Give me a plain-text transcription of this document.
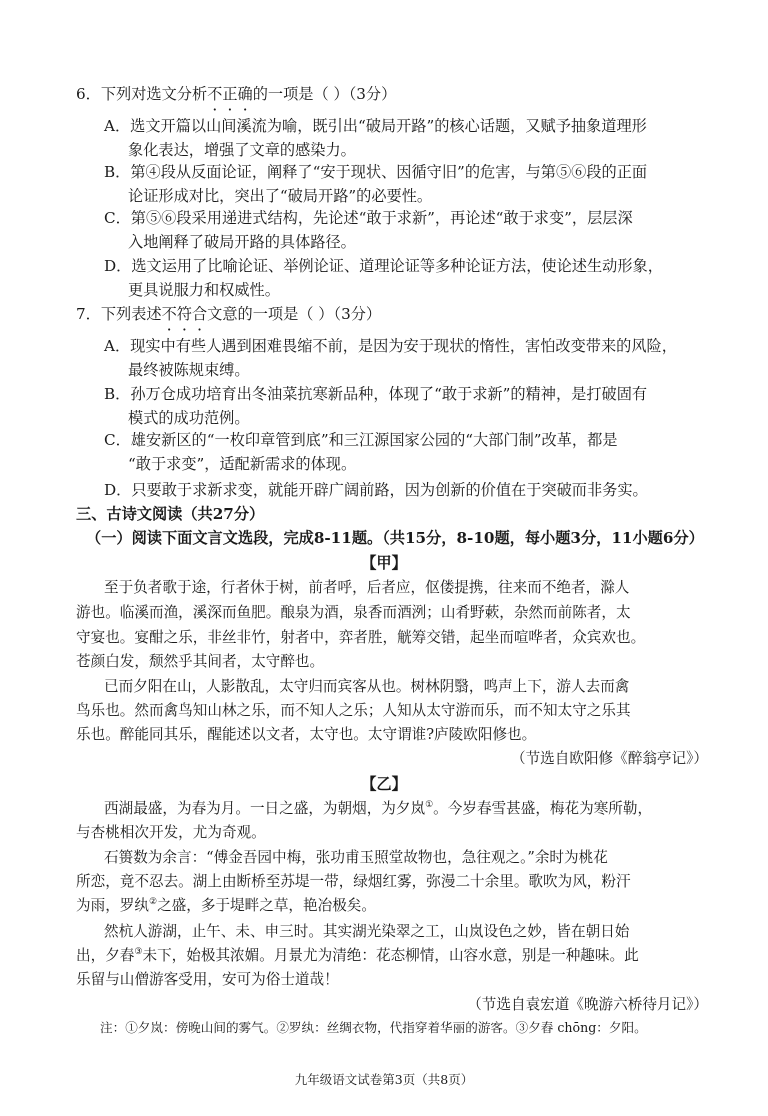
6．下列对选文分析不正确的一项是（ ）（3分）
A．选文开篇以山间溪流为喻，既引出“破局开路”的核心话题，又赋予抽象道理形
象化表达，增强了文章的感染力。
B．第④段从反面论证，阐释了“安于现状、因循守旧”的危害，与第⑤⑥段的正面
论证形成对比，突出了“破局开路”的必要性。
C．第⑤⑥段采用递进式结构，先论述“敢于求新”，再论述“敢于求变”，层层深
入地阐释了破局开路的具体路径。
D．选文运用了比喻论证、举例论证、道理论证等多种论证方法，使论述生动形象，
更具说服力和权威性。
7．下列表述不符合文意的一项是（ ）（3分）
A．现实中有些人遇到困难畏缩不前，是因为安于现状的惰性，害怕改变带来的风险，
最终被陈规束缚。
B．孙万仓成功培育出冬油菜抗寒新品种，体现了“敢于求新”的精神，是打破固有
模式的成功范例。
C．雄安新区的“一枚印章管到底”和三江源国家公园的“大部门制”改革，都是
“敢于求变”，适配新需求的体现。
D．只要敢于求新求变，就能开辟广阔前路，因为创新的价值在于突破而非务实。
三、古诗文阅读（共27分）
（一）阅读下面文言文选段，完成8-11题。（共15分，8-10题，每小题3分，11小题6分）
【甲】
至于负者歌于途，行者休于树，前者呼，后者应，伛偻提携，往来而不绝者，滁人
游也。临溪而渔，溪深而鱼肥。酿泉为酒，泉香而酒洌；山肴野蔌，杂然而前陈者，太
守宴也。宴酣之乐，非丝非竹，射者中，弈者胜，觥筹交错，起坐而喧哗者，众宾欢也。
苍颜白发，颓然乎其间者，太守醉也。
已而夕阳在山，人影散乱，太守归而宾客从也。树林阴翳，鸣声上下，游人去而禽
鸟乐也。然而禽鸟知山林之乐，而不知人之乐；人知从太守游而乐，而不知太守之乐其
乐也。醉能同其乐，醒能述以文者，太守也。太守谓谁?庐陵欧阳修也。
（节选自欧阳修《醉翁亭记》）
【乙】
西湖最盛，为春为月。一日之盛，为朝烟，为夕岚①。今岁春雪甚盛，梅花为寒所勒，
与杏桃相次开发，尤为奇观。
石篑数为余言：“傅金吾园中梅，张功甫玉照堂故物也，急往观之。”余时为桃花
所恋，竟不忍去。湖上由断桥至苏堤一带，绿烟红雾，弥漫二十余里。歌吹为风，粉汗
为雨，罗纨②之盛，多于堤畔之草，艳冶极矣。
然杭人游湖，止午、未、申三时。其实湖光染翠之工，山岚设色之妙，皆在朝日始
出，夕舂③未下，始极其浓媚。月景尤为清绝：花态柳情，山容水意，别是一种趣味。此
乐留与山僧游客受用，安可为俗士道哉！
（节选自袁宏道《晚游六桥待月记》）
注：①夕岚：傍晚山间的雾气。②罗纨：丝绸衣物，代指穿着华丽的游客。③夕舂 chōng：夕阳。
九年级语文试卷第3页（共8页）
